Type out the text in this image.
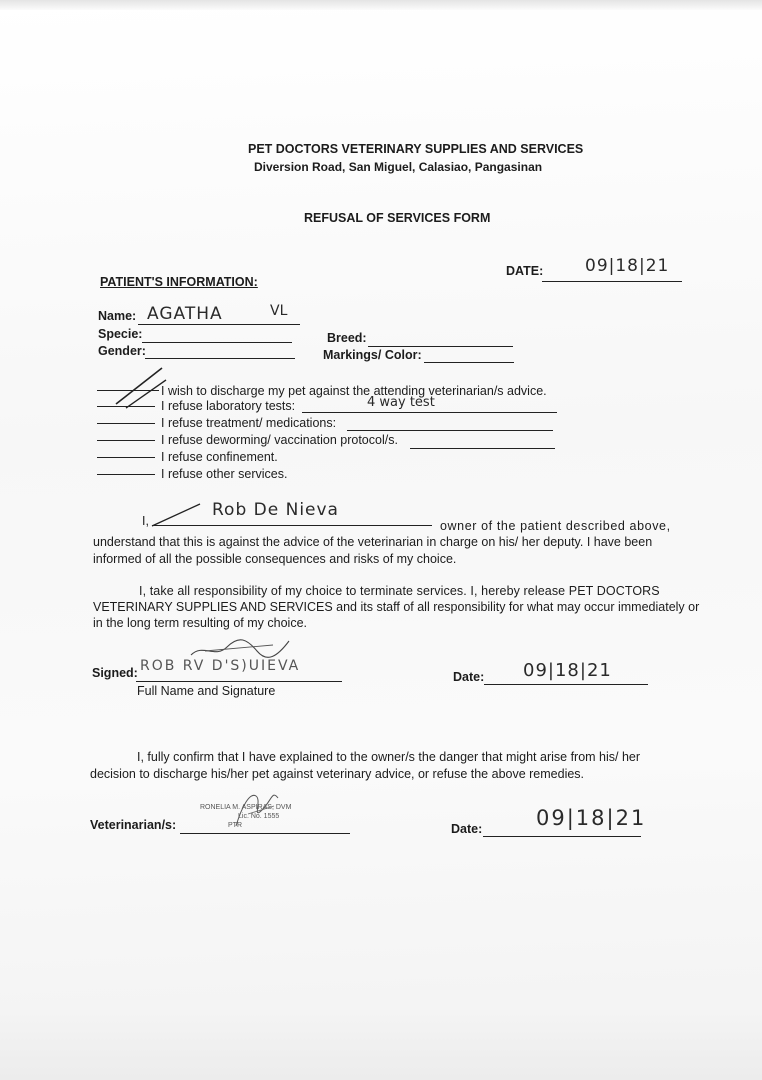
PET DOCTORS VETERINARY SUPPLIES AND SERVICES
Diversion Road, San Miguel, Calasiao, Pangasinan
REFUSAL OF SERVICES FORM
PATIENT'S INFORMATION:
DATE: 09|18|21
Name: AGATHA	VL
Specie:
Gender:
Breed:
Markings/ Color:
I wish to discharge my pet against the attending veterinarian/s advice.
I refuse laboratory tests:	4 way test
I refuse treatment/ medications:
I refuse deworming/ vaccination protocol/s.
I refuse confinement.
I refuse other services.
I,
Rob De Nieva
owner of the patient described above,
understand that this is against the advice of the veterinarian in charge on his/ her deputy. I have been
informed of all the possible consequences and risks of my choice.
I, take all responsibility of my choice to terminate services. I, hereby release PET DOCTORS
VETERINARY SUPPLIES AND SERVICES and its staff of all responsibility for what may occur immediately or
in the long term resulting of my choice.
Signed: ROB RV D'S)UIEVA
Full Name and Signature
Date: 09|18|21
I, fully confirm that I have explained to the owner/s the danger that might arise from his/ her
decision to discharge his/her pet against veterinary advice, or refuse the above remedies.
Veterinarian/s:
RONELIA M. ASPIRAS, DVM
Lic. No. 1555
PTR	Date:	09|18|21
